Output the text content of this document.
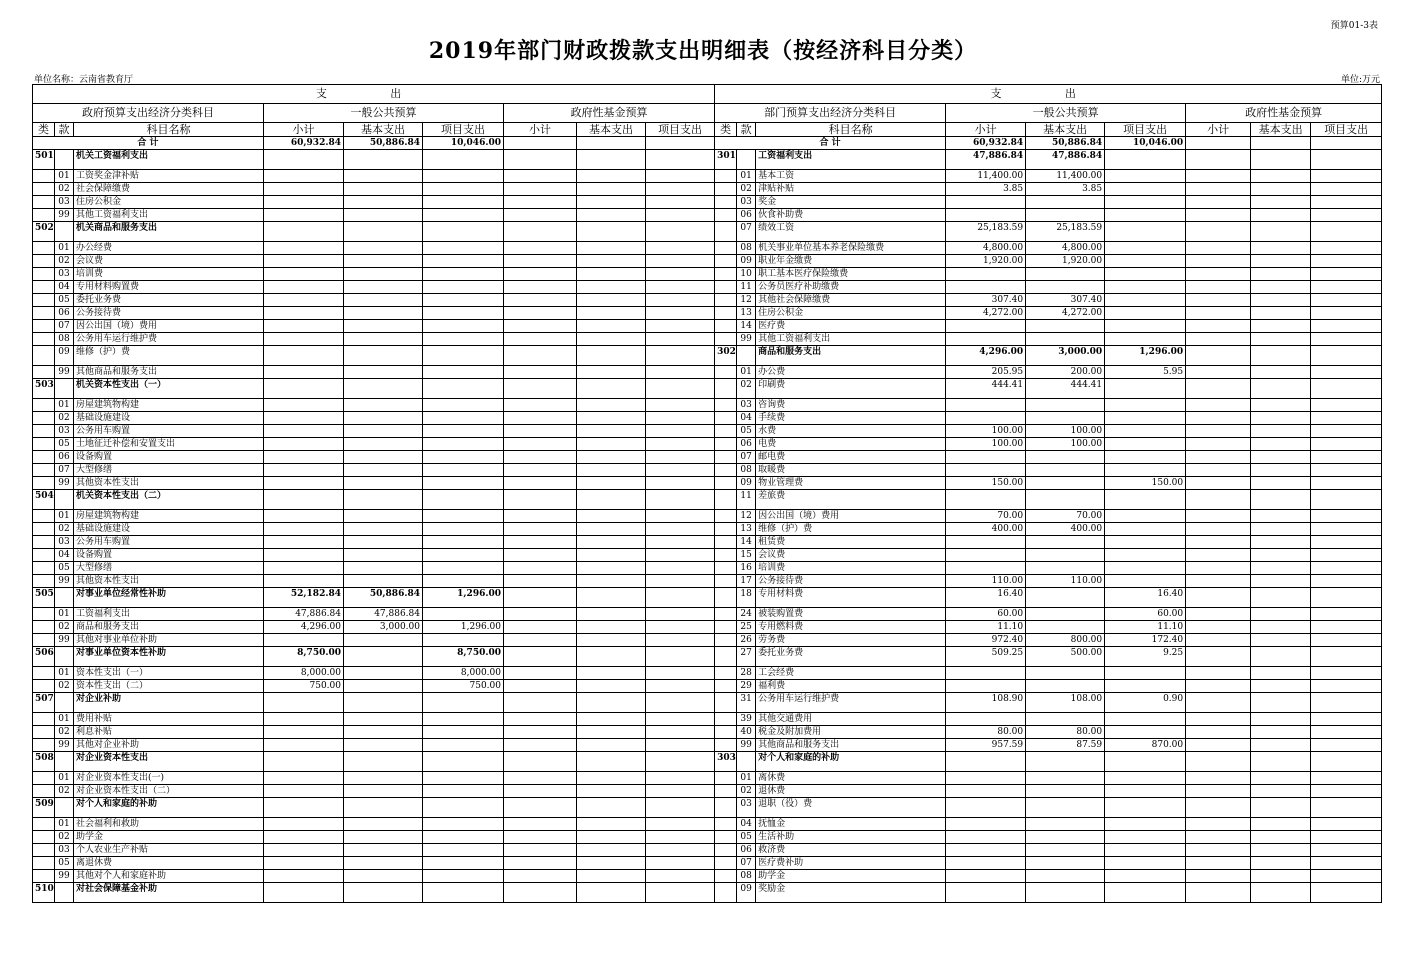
预算01-3表
2019年部门财政拨款支出明细表（按经济科目分类）
单位名称：云南省教育厅	单位:万元
支 出									支 出								
政府预算支出经济分类科目			一般公共预算			政府性基金预算			部门预算支出经济分类科目			一般公共预算			政府性基金预算		
类	款	科目名称	小计	基本支出	项目支出	小计	基本支出	项目支出	类	款	科目名称	小计	基本支出	项目支出	小计	基本支出	项目支出
合 计			60,932.84	50,886.84	10,046.00				合 计			60,932.84	50,886.84	10,046.00			
501		机关工资福利支出							301		工资福利支出	47,886.84	47,886.84				
	01	工资奖金津补贴								01	基本工资	11,400.00	11,400.00				
	02	社会保障缴费								02	津贴补贴	3.85	3.85				
	03	住房公积金								03	奖金						
	99	其他工资福利支出								06	伙食补助费						
502		机关商品和服务支出								07	绩效工资	25,183.59	25,183.59				
	01	办公经费								08	机关事业单位基本养老保险缴费	4,800.00	4,800.00				
	02	会议费								09	职业年金缴费	1,920.00	1,920.00				
	03	培训费								10	职工基本医疗保险缴费						
	04	专用材料购置费								11	公务员医疗补助缴费						
	05	委托业务费								12	其他社会保障缴费	307.40	307.40				
	06	公务接待费								13	住房公积金	4,272.00	4,272.00				
	07	因公出国（境）费用								14	医疗费						
	08	公务用车运行维护费								99	其他工资福利支出						
	09	维修（护）费							302		商品和服务支出	4,296.00	3,000.00	1,296.00			
	99	其他商品和服务支出								01	办公费	205.95	200.00	5.95			
503		机关资本性支出（一）								02	印刷费	444.41	444.41				
	01	房屋建筑物构建								03	咨询费						
	02	基础设施建设								04	手续费						
	03	公务用车购置								05	水费	100.00	100.00				
	05	土地征迁补偿和安置支出								06	电费	100.00	100.00				
	06	设备购置								07	邮电费						
	07	大型修缮								08	取暖费						
	99	其他资本性支出								09	物业管理费	150.00		150.00			
504		机关资本性支出（二）								11	差旅费						
	01	房屋建筑物构建								12	因公出国（境）费用	70.00	70.00				
	02	基础设施建设								13	维修（护）费	400.00	400.00				
	03	公务用车购置								14	租赁费						
	04	设备购置								15	会议费						
	05	大型修缮								16	培训费						
	99	其他资本性支出								17	公务接待费	110.00	110.00				
505		对事业单位经常性补助	52,182.84	50,886.84	1,296.00					18	专用材料费	16.40		16.40			
	01	工资福利支出	47,886.84	47,886.84						24	被装购置费	60.00		60.00			
	02	商品和服务支出	4,296.00	3,000.00	1,296.00					25	专用燃料费	11.10		11.10			
	99	其他对事业单位补助								26	劳务费	972.40	800.00	172.40			
506		对事业单位资本性补助	8,750.00		8,750.00					27	委托业务费	509.25	500.00	9.25			
	01	资本性支出（一）	8,000.00		8,000.00					28	工会经费						
	02	资本性支出（二）	750.00		750.00					29	福利费						
507		对企业补助								31	公务用车运行维护费	108.90	108.00	0.90			
	01	费用补贴								39	其他交通费用						
	02	利息补贴								40	税金及附加费用	80.00	80.00				
	99	其他对企业补助								99	其他商品和服务支出	957.59	87.59	870.00			
508		对企业资本性支出							303		对个人和家庭的补助						
	01	对企业资本性支出(一)								01	离休费						
	02	对企业资本性支出（二）								02	退休费						
509		对个人和家庭的补助								03	退职（役）费						
	01	社会福利和救助								04	抚恤金						
	02	助学金								05	生活补助						
	03	个人农业生产补贴								06	救济费						
	05	离退休费								07	医疗费补助						
	99	其他对个人和家庭补助								08	助学金						
510		对社会保障基金补助								09	奖励金						
